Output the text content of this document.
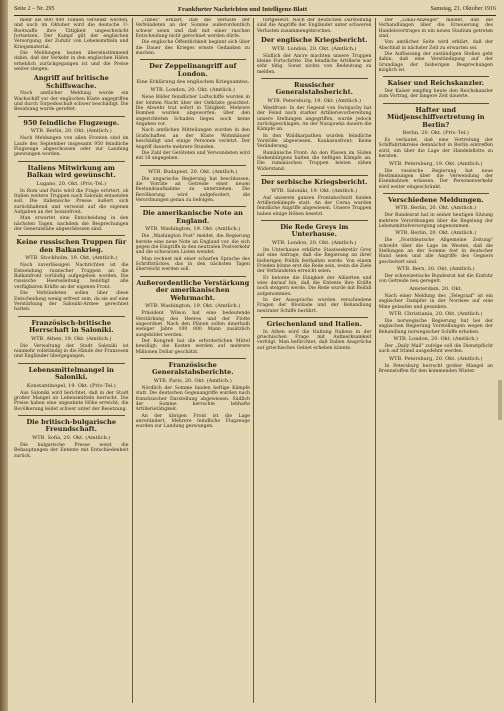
Seite 2 – Nr. 295	Frankfurter Nachrichten und Intelligenz-Blatt	Samstag, 21. Oktober 1916
mehr als 800 000 Tonnen versenkt werden, und auch im Oktober wird die deutsche U-Bootwaffe ihre Tätigkeit ungeschwächt fortsetzen. Der Kampf gilt der englischen Versorgung, der Zufuhr von Lebensmitteln und Kriegsmaterial.
Die Meldungen lauten übereinstimmend dahin, daß der Verkehr in den englischen Häfen erheblich zurückgegangen ist und die Preise weiter steigen.
Angriff auf britische Schiffswache.
Nach amtlicher Meldung wurde ein Wachschiff vor der englischen Küste angegriffen und durch Torpedoschuß schwer beschädigt. Die Besatzung wurde gerettet.
950 feindliche Flugzeuge.
WTB. Berlin, 20. Okt. (Amtlich.)
Nach Meldungen von allen Fronten sind im Laufe des September insgesamt 950 feindliche Flugzeuge abgeschossen oder zur Landung gezwungen worden.
Italiens Mitwirkung am Balkan wird gewünscht.
Lugano, 20. Okt. (Priv.-Tel.)
In Rom und Paris wird die Frage erörtert, ob Italien weitere Truppen nach Saloniki entsenden soll. Die italienische Presse äußert sich zurückhaltend und verweist auf die eigenen Aufgaben an der Isonzofront.
Man erwartet eine Entscheidung in den nächsten Tagen, nachdem die Besprechungen der Generalstäbe abgeschlossen sind.
Keine russischen Truppen für den Balkankrieg.
WTB. Stockholm, 19. Okt. (Amtlich.)
Nach zuverlässigen Nachrichten ist die Entsendung russischer Truppen an die Balkanfront vorläufig aufgegeben worden. Die russische Heeresleitung benötigt alle verfügbaren Kräfte an der eigenen Front.
Die Verbündeten sollen über diese Entscheidung wenig erfreut sein, da sie auf eine Verstärkung der Saloniki-Armee gerechnet hatten.
Französisch-britische Herrschaft in Saloniki.
WTB. Athen, 19. Okt. (Amtlich.)
Die Verwaltung der Stadt Saloniki ist nunmehr vollständig in die Hände der Franzosen und Engländer übergegangen.
Lebensmittelmangel in Saloniki.
Konstantinopel, 19. Okt. (Priv.-Tel.)
Aus Saloniki wird berichtet, daß in der Stadt großer Mangel an Lebensmitteln herrscht. Die Preise haben eine ungeahnte Höhe erreicht; die Bevölkerung leidet schwer unter der Besetzung.
Die britisch-bulgarische Freundschaft.
WTB. Sofia, 20. Okt. (Amtlich.)
Die bulgarische Presse weist die Behauptungen der Entente mit Entschiedenheit zurück.
„Times" erklärt, daß die Verluste der Verbündeten an der Somme außerordentlich schwer seien und daß mit einer raschen Entscheidung nicht gerechnet werden dürfe.
Die englische Öffentlichkeit beginnt sich über die Dauer des Krieges ernste Gedanken zu machen.
Der Zeppelinangriff auf London.
Eine Erklärung des englischen Kriegsamtes.
WTB. London, 20. Okt. (Amtlich.)
Neue Bilder feindlicher Luftschiffe wurden in der letzten Nacht über der Ostküste gesichtet. Die Abwehr trat sofort in Tätigkeit. Mehrere Bomben wurden abgeworfen; über den angerichteten Schaden liegen noch keine Angaben vor.
Nach amtlichen Mitteilungen wurden in den Grafschaften an der Küste Wohnhäuser beschädigt und einige Personen verletzt. Der Angriff dauerte mehrere Stunden.
Die Zahl der Getöteten und Verwundeten wird mit 18 angegeben.
WTB. Budapest, 20. Okt. (Amtlich.)
Die ungarische Regierung hat beschlossen, die Vorräte an Getreide einer neuen Bestandsaufnahme zu unterziehen. Die Bevölkerung wird aufgefordert, die Verordnungen genau zu befolgen.
Die amerikanische Note an England.
WTB. Washington, 19. Okt. (Amtlich.)
Die „Washington Post" meldet, die Regierung bereite eine neue Note an England vor, die sich gegen die Eingriffe in den neutralen Postverkehr und die schwarzen Listen wendet.
Man rechnet mit einer scharfen Sprache des Schriftstückes, das in den nächsten Tagen überreicht werden soll.
Außerordentliche Verstärkung der amerikanischen Wehrmacht.
WTB. Washington, 19. Okt. (Amtlich.)
Präsident Wilson hat eine bedeutende Verstärkung des Heeres und der Flotte angeordnet. Nach den Plänen sollen innerhalb weniger Jahre 100 000 Mann zusätzlich ausgebildet werden.
Der Kongreß hat die erforderlichen Mittel bewilligt; die Kosten werden auf mehrere Millionen Dollar geschätzt.
Französische Generalstabsberichte.
WTB. Paris, 20. Okt. (Amtlich.)
Nördlich der Somme fanden heftige Kämpfe statt. Die deutschen Gegenangriffe wurden nach französischer Darstellung abgewiesen. Südlich der Somme herrschte lebhafte Artillerietätigkeit.
An der übrigen Front ist die Lage unverändert. Mehrere feindliche Flugzeuge wurden zur Landung gezwungen.
fortgesetzt. Nach der deutschen Darstellung sind die Angriffe der Engländer unter schweren Verlusten zusammengebrochen.
Der englische Kriegsbericht.
WTB. London, 20. Okt. (Amtlich.)
Südlich der Ancre machten unsere Truppen kleine Fortschritte. Die feindliche Artillerie war sehr tätig. Sonst nichts von Bedeutung zu melden.
Russischer Generalstabsbericht.
WTB. Petersburg, 19. Okt. (Amtlich.)
Westfront: In der Gegend von Swinjuchy hat der Feind nach starker Artillerievorbereitung unsere Stellungen angegriffen, wurde jedoch zurückgeschlagen. An der Narajowka dauern die Kämpfe an.
In den Waldkarpathen wurden feindliche Vorstöße abgewiesen. Kaukasusfront: Keine Veränderung.
Rumänische Front: An den Pässen im Süden Siebenbürgens halten die heftigen Kämpfe an. Die rumänischen Truppen leisten zähen Widerstand.
Der serbische Kriegsbericht.
WTB. Saloniki, 19. Okt. (Amtlich.)
Auf unserem ganzen Frontabschnitt fanden Artilleriekämpfe statt. An der Cerna wurden feindliche Angriffe abgewiesen. Unsere Truppen haben einige Höhen besetzt.
Die Rede Greys im Unterhause.
WTB. London, 20. Okt. (Amtlich.)
Im Unterhause erklärte Staatssekretär Grey auf eine Anfrage, daß die Regierung an ihrer bisherigen Politik festhalten werde. Von einem Frieden könne erst die Rede sein, wenn die Ziele der Verbündeten erreicht seien.
Er betonte die Einigkeit der Alliierten und wies darauf hin, daß die Entente ihre Kräfte noch steigern werde. Die Rede wurde mit Beifall aufgenommen.
In der Aussprache wurden verschiedene Fragen der Blockade und der Behandlung neutraler Schiffe berührt.
Griechenland und Italien.
In Athen wird die Haltung Italiens in der griechischen Frage mit Aufmerksamkeit verfolgt. Man befürchtet, daß Italien Ansprüche auf griechisches Gebiet erheben könnte.
Der „Lokal-Anzeiger" meldet, daß die Verhandlungen über die Erneuerung des Handelsvertrages in ein neues Stadium getreten sind.
Von amtlicher Seite wird erklärt, daß der Abschluß in nächster Zeit zu erwarten sei.
Die Auffassung der zuständigen Stellen geht dahin, daß eine Verständigung auf der Grundlage der bisherigen Besprechungen möglich ist.
Kaiser und Reichskanzler.
Der Kaiser empfing heute den Reichskanzler zum Vortrag, der längere Zeit dauerte.
Hafter und Müdjenschiffvertretung in Berlin?
Berlin, 20. Okt. (Priv.-Tel.)
Es verlautet, daß eine Vertretung der Schiffahrtskreise demnächst in Berlin eintreffen wird, um über die Lage der Handelsflotte zu beraten.
WTB. Petersburg, 19. Okt. (Amtlich.)
Die russische Regierung hat neue Bestimmungen über die Verwendung der Eisenbahnen erlassen. Der Personenverkehr wird weiter eingeschränkt.
Verschiedene Meldungen.
WTB. Berlin, 20. Okt. (Amtlich.)
Der Bundesrat hat in seiner heutigen Sitzung mehrere Verordnungen über die Regelung der Lebensmittelversorgung angenommen.
WTB. Berlin, 20. Okt. (Amtlich.)
Die „Norddeutsche Allgemeine Zeitung" schreibt über die Lage im Westen, daß die Stellungen an der Somme fest in deutscher Hand seien und alle Angriffe des Gegners gescheitert sind.
WTB. Bern, 20. Okt. (Amtlich.)
Der schweizerische Bundesrat hat die Einfuhr von Getreide neu geregelt.
Amsterdam, 20. Okt.
Nach einer Meldung des „Telegraaf" ist ein englischer Dampfer in der Nordsee auf eine Mine gelaufen und gesunken.
WTB. Christiania, 20. Okt. (Amtlich.)
Die norwegische Regierung hat bei der englischen Regierung Vorstellungen wegen der Behandlung norwegischer Schiffe erhoben.
WTB. London, 20. Okt. (Amtlich.)
Der „Daily Mail" zufolge soll die Dienstpflicht auch auf Irland ausgedehnt werden.
WTB. Petersburg, 20. Okt. (Amtlich.)
In Petersburg herrscht großer Mangel an Brennstoffen für den kommenden Winter.
